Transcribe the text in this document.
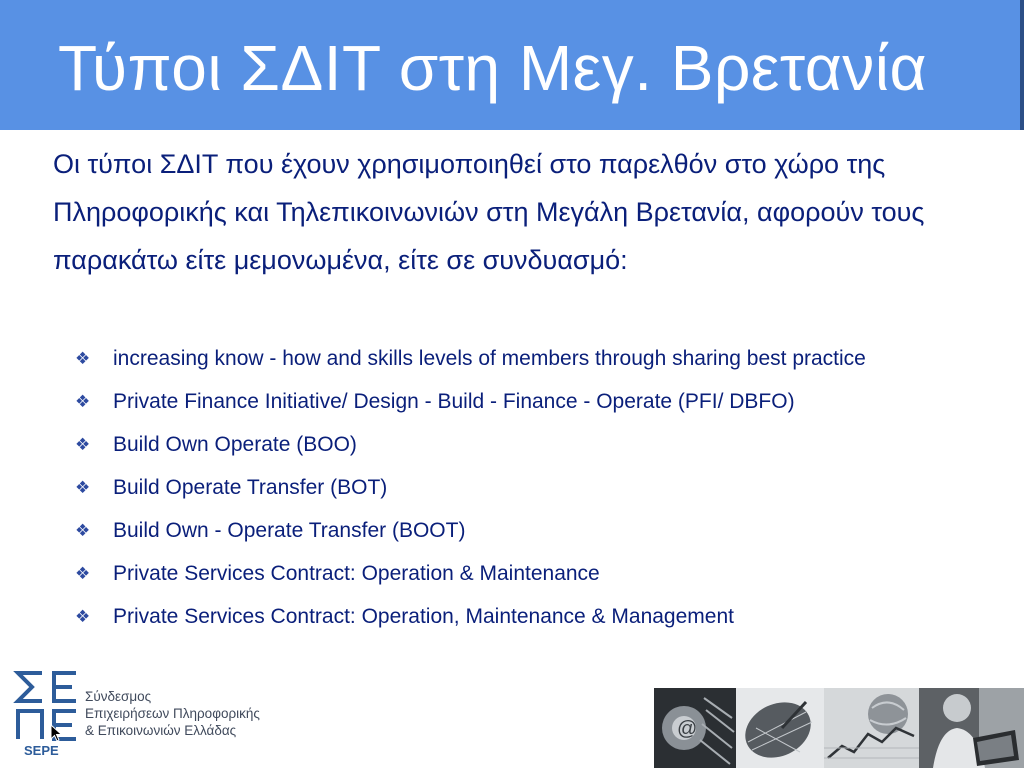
Τύποι ΣΔΙΤ στη Μεγ. Βρετανία

Οι τύποι ΣΔΙΤ που έχουν χρησιμοποιηθεί στο παρελθόν στο χώρο της Πληροφορικής και Τηλεπικοινωνιών στη Μεγάλη Βρετανία, αφορούν τους παρακάτω είτε μεμονωμένα, είτε σε συνδυασμό:

❖ increasing know - how and skills levels of members through sharing best practice
❖ Private Finance Initiative/ Design - Build - Finance - Operate (PFI/ DBFO)
❖ Build Own Operate (BOO)
❖ Build Operate Transfer (BOT)
❖ Build Own - Operate Transfer (BOOT)
❖ Private Services Contract: Operation & Maintenance
❖ Private Services Contract: Operation, Maintenance & Management
Σύνδεσμος
Επιχειρήσεων Πληροφορικής
& Επικοινωνιών Ελλάδας
SEPE
@
